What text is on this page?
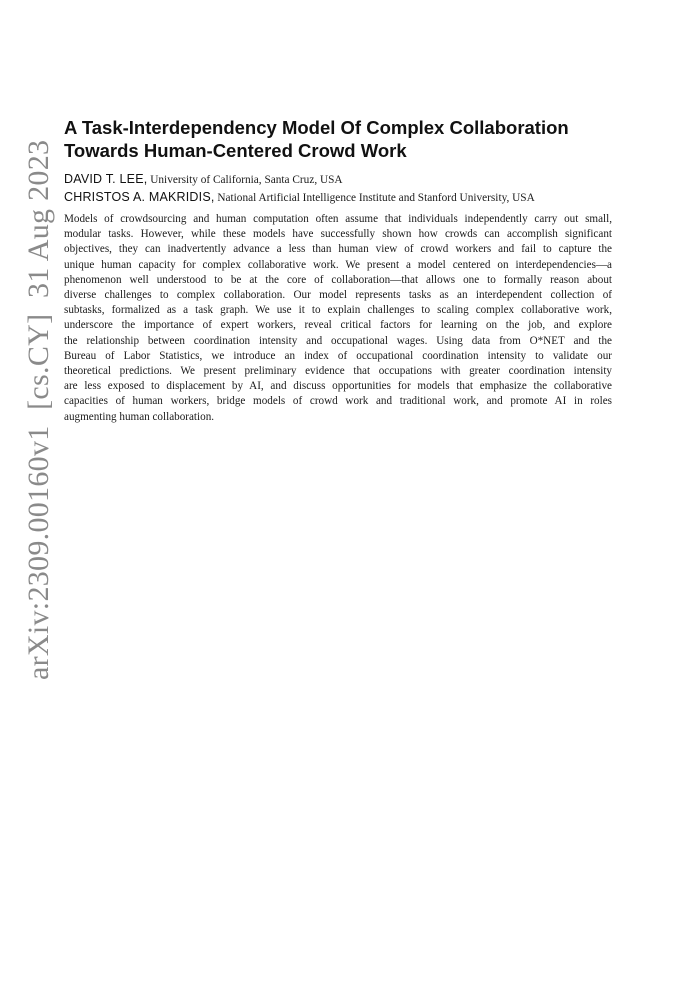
arXiv:2309.00160v1  [cs.CY]  31 Aug 2023
A Task-Interdependency Model Of Complex Collaboration
Towards Human-Centered Crowd Work
DAVID T. LEE, University of California, Santa Cruz, USA
CHRISTOS A. MAKRIDIS, National Artificial Intelligence Institute and Stanford University, USA
Models of crowdsourcing and human computation often assume that individuals independently carry out small,
modular tasks. However, while these models have successfully shown how crowds can accomplish significant
objectives, they can inadvertently advance a less than human view of crowd workers and fail to capture the
unique human capacity for complex collaborative work. We present a model centered on interdependencies—a
phenomenon well understood to be at the core of collaboration—that allows one to formally reason about
diverse challenges to complex collaboration. Our model represents tasks as an interdependent collection of
subtasks, formalized as a task graph. We use it to explain challenges to scaling complex collaborative work,
underscore the importance of expert workers, reveal critical factors for learning on the job, and explore
the relationship between coordination intensity and occupational wages. Using data from O*NET and the
Bureau of Labor Statistics, we introduce an index of occupational coordination intensity to validate our
theoretical predictions. We present preliminary evidence that occupations with greater coordination intensity
are less exposed to displacement by AI, and discuss opportunities for models that emphasize the collaborative
capacities of human workers, bridge models of crowd work and traditional work, and promote AI in roles
augmenting human collaboration.
